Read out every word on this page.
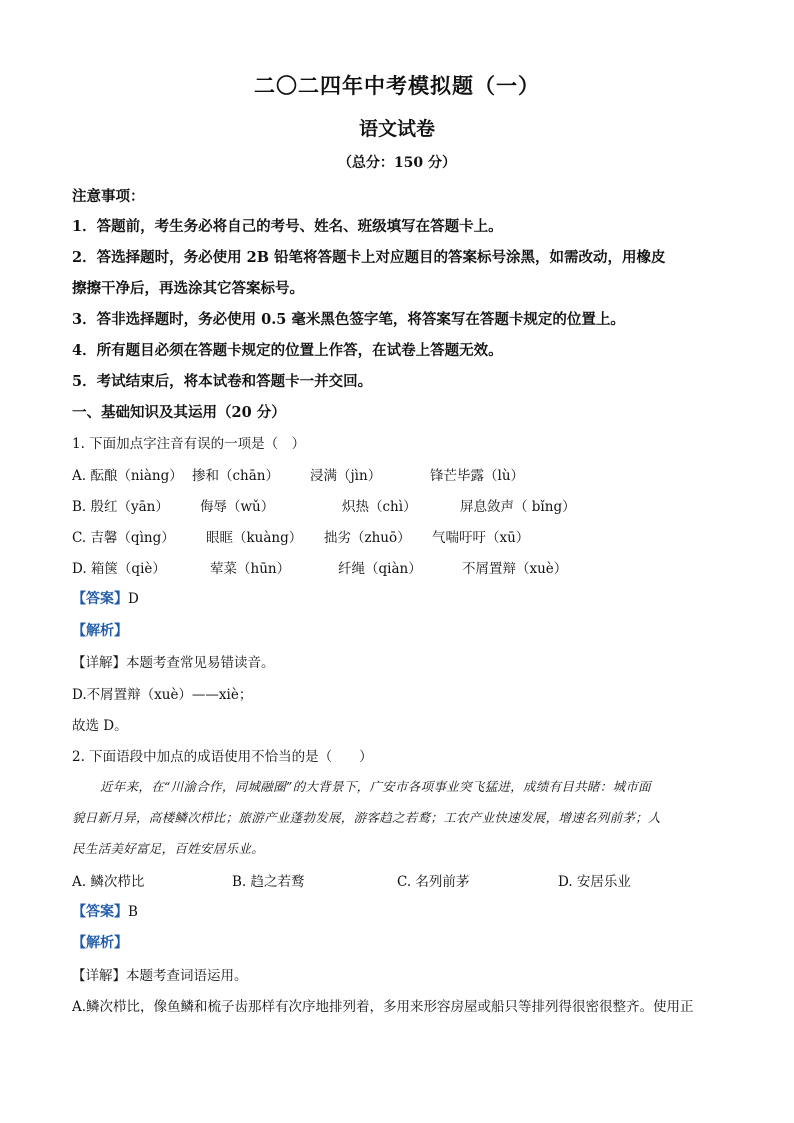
二〇二四年中考模拟题（一）
语文试卷
（总分：150 分）
注意事项：
1．答题前，考生务必将自己的考号、姓名、班级填写在答题卡上。
2．答选择题时，务必使用 2B 铅笔将答题卡上对应题目的答案标号涂黑，如需改动，用橡皮
擦擦干净后，再选涂其它答案标号。
3．答非选择题时，务必使用 0.5 毫米黑色签字笔，将答案写在答题卡规定的位置上。
4．所有题目必须在答题卡规定的位置上作答，在试卷上答题无效。
5．考试结束后，将本试卷和答题卡一并交回。
一、基础知识及其运用（20 分）
1. 下面加点字注音有误的一项是（　）
A. 酝酿（niàng） 掺和（chān） 浸满（jìn）	锋芒毕露（lù）
B. 殷红（yān） 侮辱（wǔ）	炽热（chì）	屏息敛声（ bǐng）
C. 吉馨（qìng） 眼眶（kuàng） 拙劣（zhuō） 气喘吁吁（xū）
D. 箱箧（qiè）	荤菜（hūn）	纤绳（qiàn）	不屑置辩（xuè）
【答案】D
【解析】
【详解】本题考查常见易错读音。
D.不屑置辩（xuè）——xiè；
故选 D。
2. 下面语段中加点的成语使用不恰当的是（　　）
近年来，在“川渝合作，同城融圈”的大背景下，广安市各项事业突飞猛进，成绩有目共睹：城市面
貌日新月异，高楼鳞次栉比；旅游产业蓬勃发展，游客趋之若鹜；工农产业快速发展，增速名列前茅；人
民生活美好富足，百姓安居乐业。
A. 鳞次栉比	B. 趋之若鹜	C. 名列前茅	D. 安居乐业
【答案】B
【解析】
【详解】本题考查词语运用。
A.鳞次栉比，像鱼鳞和梳子齿那样有次序地排列着，多用来形容房屋或船只等排列得很密很整齐。使用正
